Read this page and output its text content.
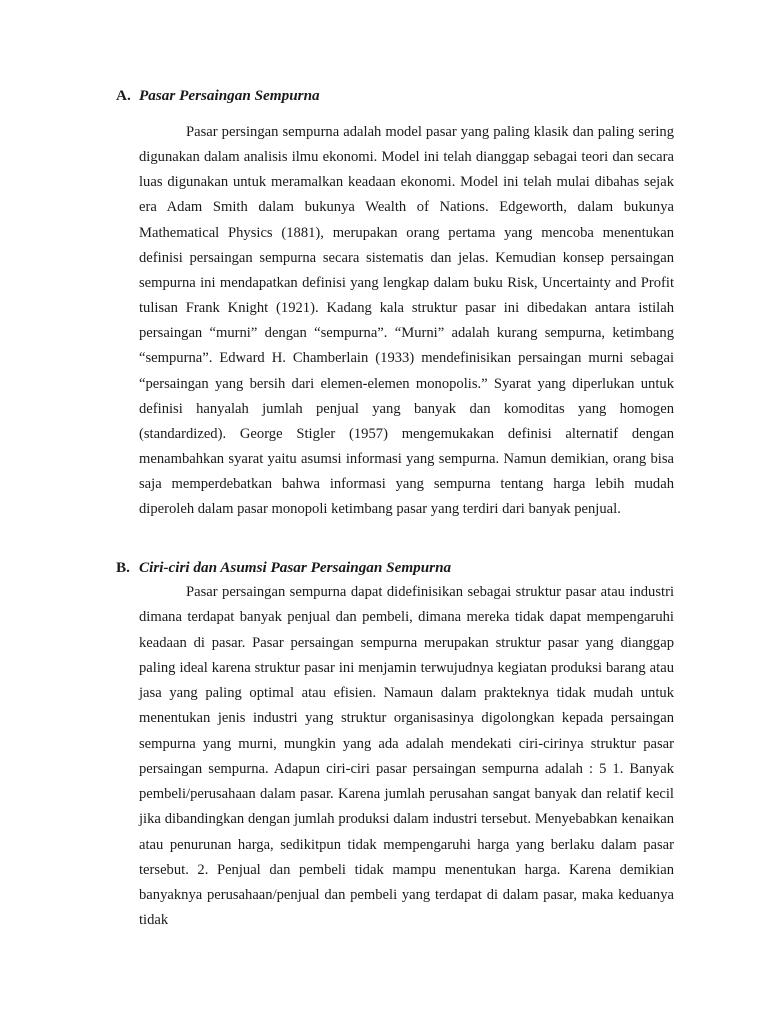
A. Pasar Persaingan Sempurna

Pasar persingan sempurna adalah model pasar yang paling klasik dan paling sering digunakan dalam analisis ilmu ekonomi. Model ini telah dianggap sebagai teori dan secara luas digunakan untuk meramalkan keadaan ekonomi. Model ini telah mulai dibahas sejak era Adam Smith dalam bukunya Wealth of Nations. Edgeworth, dalam bukunya Mathematical Physics (1881), merupakan orang pertama yang mencoba menentukan definisi persaingan sempurna secara sistematis dan jelas. Kemudian konsep persaingan sempurna ini mendapatkan definisi yang lengkap dalam buku Risk, Uncertainty and Profit tulisan Frank Knight (1921). Kadang kala struktur pasar ini dibedakan antara istilah persaingan “murni” dengan “sempurna”. “Murni” adalah kurang sempurna, ketimbang “sempurna”. Edward H. Chamberlain (1933) mendefinisikan persaingan murni sebagai “persaingan yang bersih dari elemen-elemen monopolis.” Syarat yang diperlukan untuk definisi hanyalah jumlah penjual yang banyak dan komoditas yang homogen (standardized). George Stigler (1957) mengemukakan definisi alternatif dengan menambahkan syarat yaitu asumsi informasi yang sempurna. Namun demikian, orang bisa saja memperdebatkan bahwa informasi yang sempurna tentang harga lebih mudah diperoleh dalam pasar monopoli ketimbang pasar yang terdiri dari banyak penjual.

B. Ciri-ciri dan Asumsi Pasar Persaingan Sempurna

Pasar persaingan sempurna dapat didefinisikan sebagai struktur pasar atau industri dimana terdapat banyak penjual dan pembeli, dimana mereka tidak dapat mempengaruhi keadaan di pasar. Pasar persaingan sempurna merupakan struktur pasar yang dianggap paling ideal karena struktur pasar ini menjamin terwujudnya kegiatan produksi barang atau jasa yang paling optimal atau efisien. Namaun dalam prakteknya tidak mudah untuk menentukan jenis industri yang struktur organisasinya digolongkan kepada persaingan sempurna yang murni, mungkin yang ada adalah mendekati ciri-cirinya struktur pasar persaingan sempurna. Adapun ciri-ciri pasar persaingan sempurna adalah : 5 1. Banyak pembeli/perusahaan dalam pasar. Karena jumlah perusahan sangat banyak dan relatif kecil jika dibandingkan dengan jumlah produksi dalam industri tersebut. Menyebabkan kenaikan atau penurunan harga, sedikitpun tidak mempengaruhi harga yang berlaku dalam pasar tersebut. 2. Penjual dan pembeli tidak mampu menentukan harga. Karena demikian banyaknya perusahaan/penjual dan pembeli yang terdapat di dalam pasar, maka keduanya tidak
